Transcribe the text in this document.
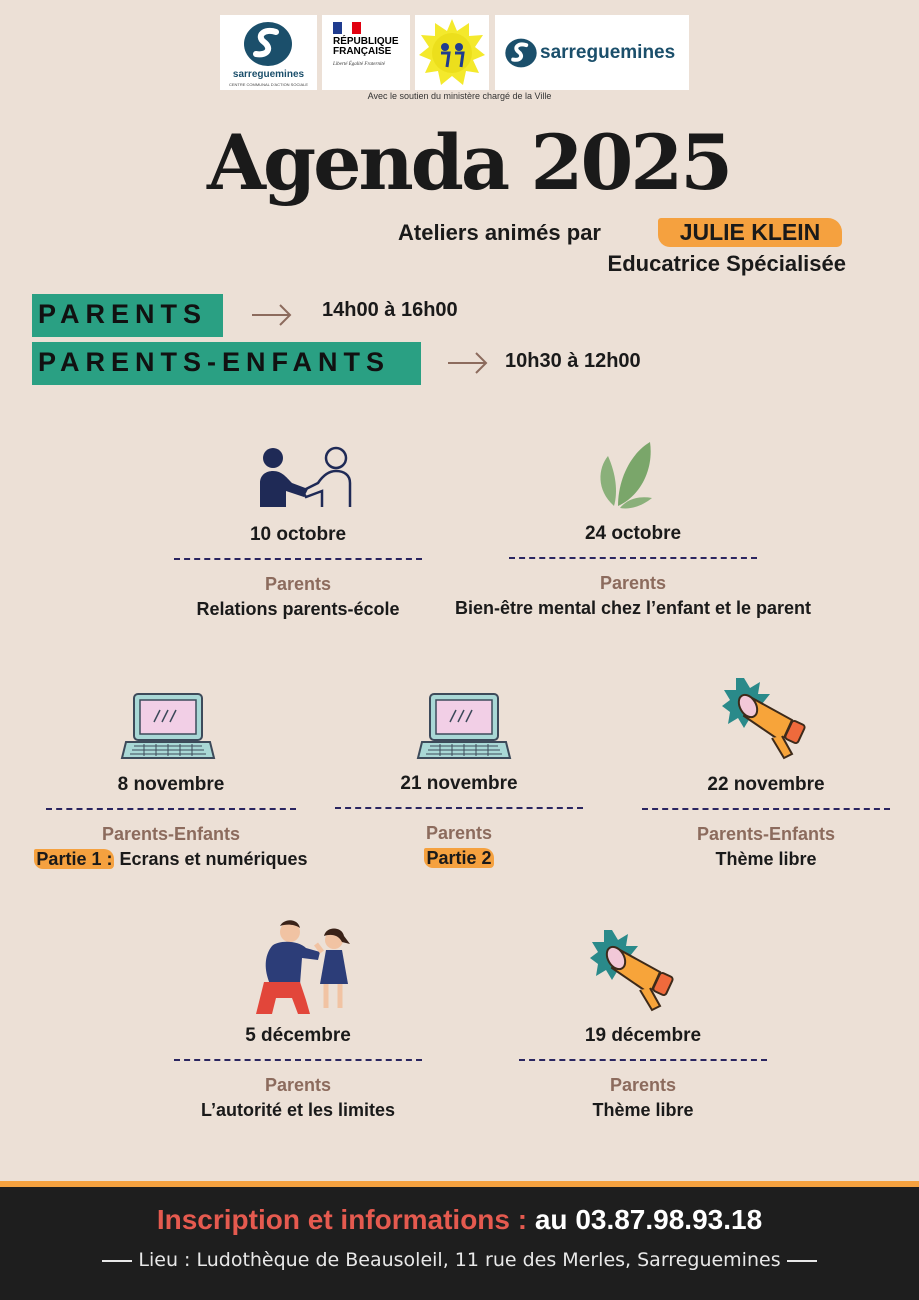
sarreguemines
CENTRE COMMUNAL D'ACTION SOCIALE
RÉPUBLIQUE FRANÇAISE
Liberté Égalité Fraternité
sarreguemines
Avec le soutien du ministère chargé de la Ville
Agenda 2025
Ateliers animés par	JULIE KLEIN
Educatrice Spécialisée
PARENTS	14h00 à 16h00
PARENTS-ENFANTS	10h30 à 12h00
10 octobre
Parents
Relations parents-école
24 octobre
Parents
Bien-être mental chez l’enfant et le parent
8 novembre
Parents-Enfants
Partie 1 : Ecrans et numériques
21 novembre
Parents
Partie 2
22 novembre
Parents-Enfants
Thème libre
5 décembre
Parents
L’autorité et les limites
19 décembre
Parents
Thème libre
Inscription et informations : au 03.87.98.93.18
Lieu : Ludothèque de Beausoleil, 11 rue des Merles, Sarreguemines
